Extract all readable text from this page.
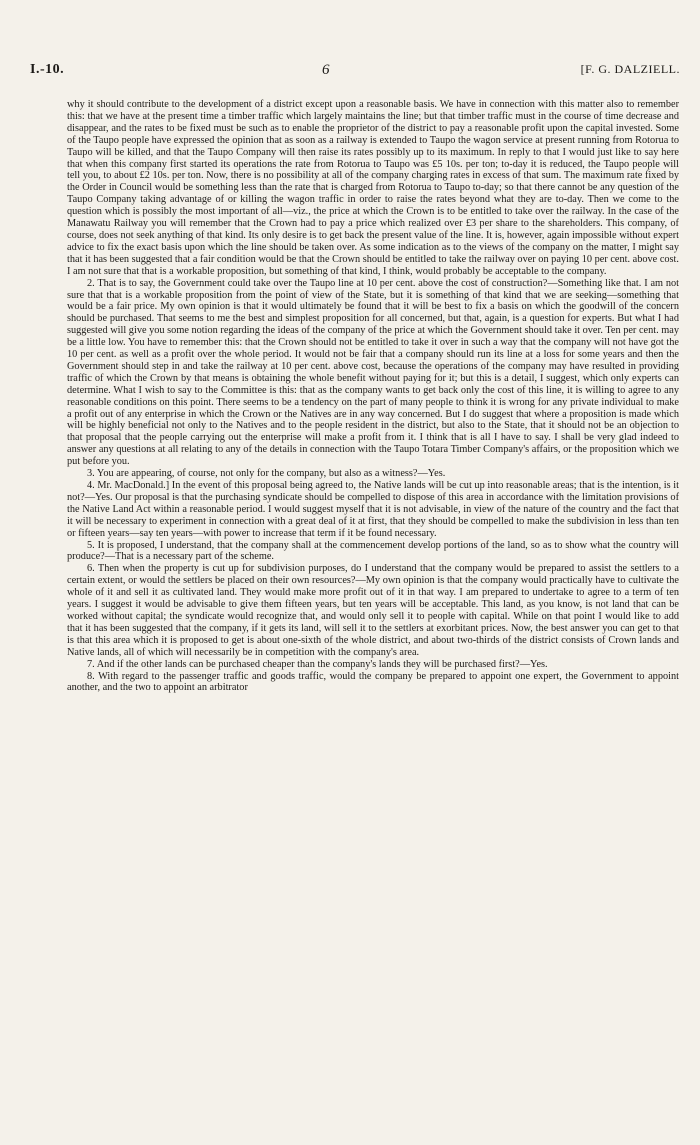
I.-10.	6	[F. G. DALZIELL.

why it should contribute to the development of a district except upon a reasonable basis. We have in connection with this matter also to remember this: that we have at the present time a timber traffic which largely maintains the line; but that timber traffic must in the course of time decrease and disappear, and the rates to be fixed must be such as to enable the proprietor of the district to pay a reasonable profit upon the capital invested. Some of the Taupo people have expressed the opinion that as soon as a railway is extended to Taupo the wagon service at present running from Rotorua to Taupo will be killed, and that the Taupo Company will then raise its rates possibly up to its maximum. In reply to that I would just like to say here that when this company first started its operations the rate from Rotorua to Taupo was £5 10s. per ton; to-day it is reduced, the Taupo people will tell you, to about £2 10s. per ton. Now, there is no possibility at all of the company charging rates in excess of that sum. The maximum rate fixed by the Order in Council would be something less than the rate that is charged from Rotorua to Taupo to-day; so that there cannot be any question of the Taupo Company taking advantage of or killing the wagon traffic in order to raise the rates beyond what they are to-day. Then we come to the question which is possibly the most important of all—viz., the price at which the Crown is to be entitled to take over the railway. In the case of the Manawatu Railway you will remember that the Crown had to pay a price which realized over £3 per share to the shareholders. This company, of course, does not seek anything of that kind. Its only desire is to get back the present value of the line. It is, however, again impossible without expert advice to fix the exact basis upon which the line should be taken over. As some indication as to the views of the company on the matter, I might say that it has been suggested that a fair condition would be that the Crown should be entitled to take the railway over on paying 10 per cent. above cost. I am not sure that that is a workable proposition, but something of that kind, I think, would probably be acceptable to the company.

2. That is to say, the Government could take over the Taupo line at 10 per cent. above the cost of construction?—Something like that. I am not sure that that is a workable proposition from the point of view of the State, but it is something of that kind that we are seeking—something that would be a fair price. My own opinion is that it would ultimately be found that it will be best to fix a basis on which the goodwill of the concern should be purchased. That seems to me the best and simplest proposition for all concerned, but that, again, is a question for experts. But what I had suggested will give you some notion regarding the ideas of the company of the price at which the Government should take it over. Ten per cent. may be a little low. You have to remember this: that the Crown should not be entitled to take it over in such a way that the company will not have got the 10 per cent. as well as a profit over the whole period. It would not be fair that a company should run its line at a loss for some years and then the Government should step in and take the railway at 10 per cent. above cost, because the operations of the company may have resulted in providing traffic of which the Crown by that means is obtaining the whole benefit without paying for it; but this is a detail, I suggest, which only experts can determine. What I wish to say to the Committee is this: that as the company wants to get back only the cost of this line, it is willing to agree to any reasonable conditions on this point. There seems to be a tendency on the part of many people to think it is wrong for any private individual to make a profit out of any enterprise in which the Crown or the Natives are in any way concerned. But I do suggest that where a proposition is made which will be highly beneficial not only to the Natives and to the people resident in the district, but also to the State, that it should not be an objection to that proposal that the people carrying out the enterprise will make a profit from it. I think that is all I have to say. I shall be very glad indeed to answer any questions at all relating to any of the details in connection with the Taupo Totara Timber Company's affairs, or the proposition which we put before you.

3. You are appearing, of course, not only for the company, but also as a witness?—Yes.

4. Mr. MacDonald.] In the event of this proposal being agreed to, the Native lands will be cut up into reasonable areas; that is the intention, is it not?—Yes. Our proposal is that the purchasing syndicate should be compelled to dispose of this area in accordance with the limitation provisions of the Native Land Act within a reasonable period. I would suggest myself that it is not advisable, in view of the nature of the country and the fact that it will be necessary to experiment in connection with a great deal of it at first, that they should be compelled to make the subdivision in less than ten or fifteen years—say ten years—with power to increase that term if it be found necessary.

5. It is proposed, I understand, that the company shall at the commencement develop portions of the land, so as to show what the country will produce?—That is a necessary part of the scheme.

6. Then when the property is cut up for subdivision purposes, do I understand that the company would be prepared to assist the settlers to a certain extent, or would the settlers be placed on their own resources?—My own opinion is that the company would practically have to cultivate the whole of it and sell it as cultivated land. They would make more profit out of it in that way. I am prepared to undertake to agree to a term of ten years. I suggest it would be advisable to give them fifteen years, but ten years will be acceptable. This land, as you know, is not land that can be worked without capital; the syndicate would recognize that, and would only sell it to people with capital. While on that point I would like to add that it has been suggested that the company, if it gets its land, will sell it to the settlers at exorbitant prices. Now, the best answer you can get to that is that this area which it is proposed to get is about one-sixth of the whole district, and about two-thirds of the district consists of Crown lands and Native lands, all of which will necessarily be in competition with the company's area.

7. And if the other lands can be purchased cheaper than the company's lands they will be purchased first?—Yes.

8. With regard to the passenger traffic and goods traffic, would the company be prepared to appoint one expert, the Government to appoint another, and the two to appoint an arbitrator
